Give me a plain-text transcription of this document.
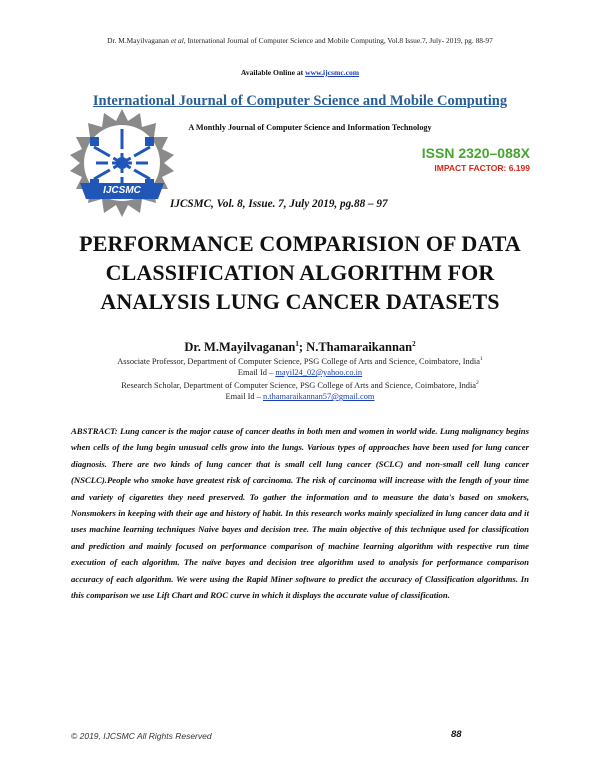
Dr. M.Mayilvaganan et al, International Journal of Computer Science and Mobile Computing, Vol.8 Issue.7, July- 2019, pg. 88-97
Available Online at www.ijcsmc.com
International Journal of Computer Science and Mobile Computing
IJCSMC
A Monthly Journal of Computer Science and Information Technology
ISSN 2320–088X
IMPACT FACTOR: 6.199
IJCSMC, Vol. 8, Issue. 7, July 2019, pg.88 – 97
PERFORMANCE COMPARISION OF DATA
CLASSIFICATION ALGORITHM FOR
ANALYSIS LUNG CANCER DATASETS
Dr. M.Mayilvaganan$^1$; N.Thamaraikannan$^2$
Associate Professor, Department of Computer Science, PSG College of Arts and Science, Coimbatore, India$^1$
Email Id – mayil24_02@yahoo.co.in
Research Scholar, Department of Computer Science, PSG College of Arts and Science, Coimbatore, India$^2$
Email Id – n.thamaraikannan57@gmail.com
ABSTRACT: Lung cancer is the major cause of cancer deaths in both men and women in world wide. Lung malignancy begins when cells of the lung begin unusual cells grow into the lungs. Various types of approaches have been used for lung cancer diagnosis. There are two kinds of lung cancer that is small cell lung cancer (SCLC) and non-small cell lung cancer (NSCLC).People who smoke have greatest risk of carcinoma. The risk of carcinoma will increase with the length of your time and variety of cigarettes they need preserved. To gather the information and to measure the data's based on smokers, Nonsmokers in keeping with their age and history of habit. In this research works mainly specialized in lung cancer data and it uses machine learning techniques Naive bayes and decision tree. The main objective of this technique used for classification and prediction and mainly focused on performance comparison of machine learning algorithm with respective run time execution of each algorithm. The naïve bayes and decision tree algorithm used to analysis for performance comparison accuracy of each algorithm. We were using the Rapid Miner software to predict the accuracy of Classification algorithms. In this comparison we use Lift Chart and ROC curve in which it displays the accurate value of classification.
© 2019, IJCSMC All Rights Reserved	88
